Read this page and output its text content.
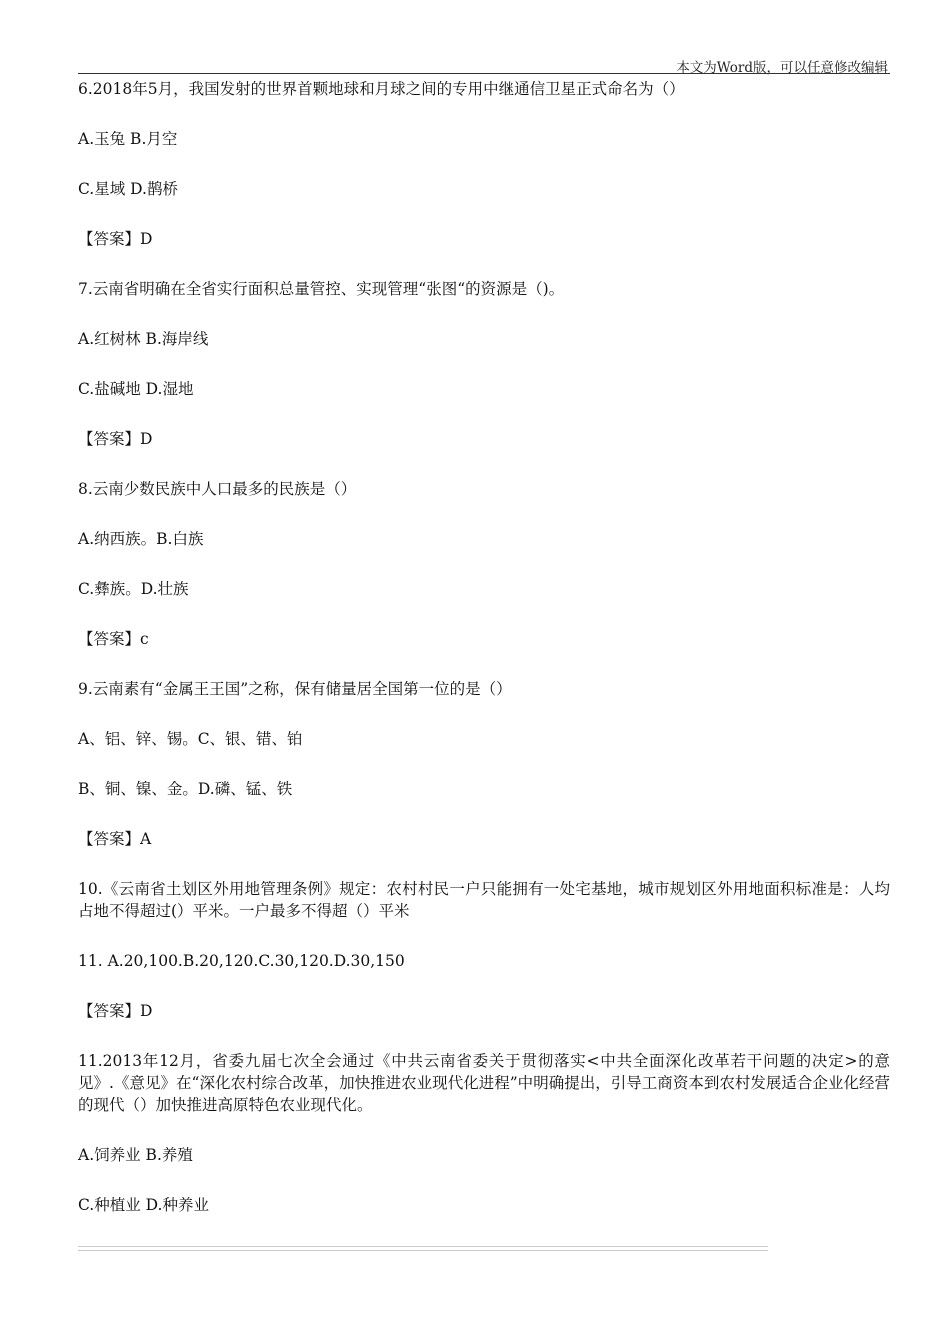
本文为Word版，可以任意修改编辑

6.2018年5月，我国发射的世界首颗地球和月球之间的专用中继通信卫星正式命名为（）

A.玉兔 B.月空

C.星域 D.鹊桥

【答案】D

7.云南省明确在全省实行面积总量管控、实现管理“张图“的资源是（)。

A.红树林 B.海岸线

C.盐碱地 D.湿地

【答案】D

8.云南少数民族中人口最多的民族是（）

A.纳西族。B.白族

C.彝族。D.壮族

【答案】c

9.云南素有“金属王王国”之称，保有储量居全国第一位的是（）

A、铝、锌、锡。C、银、错、铂

B、铜、镍、金。D.磷、锰、铁

【答案】A

10.《云南省土划区外用地管理条例》规定：农村村民一户只能拥有一处宅基地，城市规划区外用地面积标准是：人均占地不得超过(）平米。一户最多不得超（）平米

11. A.20,100.B.20,120.C.30,120.D.30,150

【答案】D

11.2013年12月，省委九届七次全会通过《中共云南省委关于贯彻落实<中共全面深化改革若干问题的决定>的意见》.《意见》在“深化农村综合改革，加快推进农业现代化进程”中明确提出，引导工商资本到农村发展适合企业化经营的现代（）加快推进高原特色农业现代化。

A.饲养业 B.养殖

C.种植业 D.种养业
